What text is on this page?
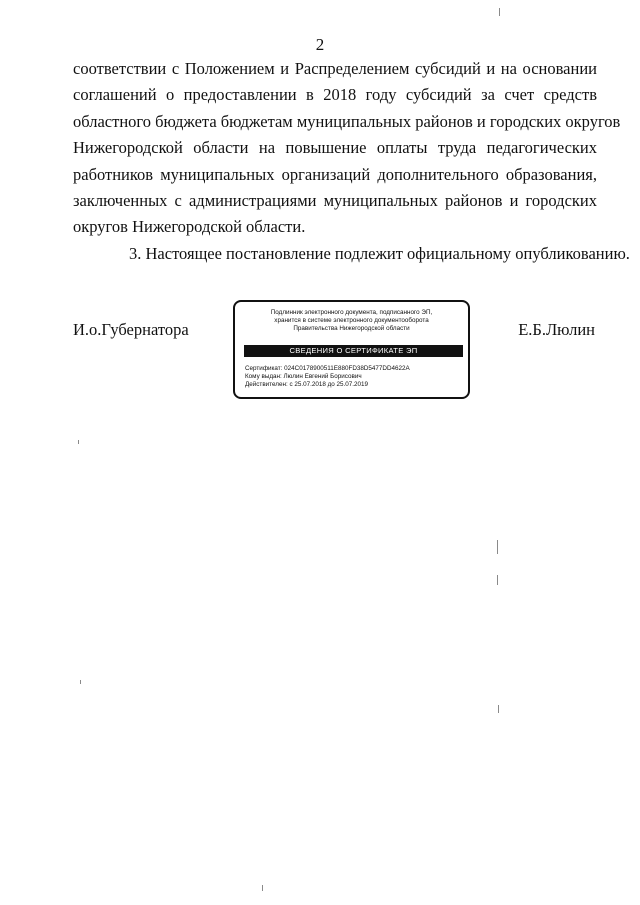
2
соответствии с Положением и Распределением субсидий и на основании
соглашений о предоставлении в 2018 году субсидий за счет средств
областного бюджета бюджетам муниципальных районов и городских округов
Нижегородской области на повышение оплаты труда педагогических
работников муниципальных организаций дополнительного образования,
заключенных с администрациями муниципальных районов и городских
округов Нижегородской области.
3. Настоящее постановление подлежит официальному опубликованию.
И.о.Губернатора
Подлинник электронного документа, подписанного ЭП,
хранится в системе электронного документооборота
Правительства Нижегородской области
СВЕДЕНИЯ О СЕРТИФИКАТЕ ЭП
Сертификат: 024C0178900511E880FD38D5477DD4622A
Кому выдан: Люлин Евгений Борисович
Действителен: с 25.07.2018 до 25.07.2019
Е.Б.Люлин
